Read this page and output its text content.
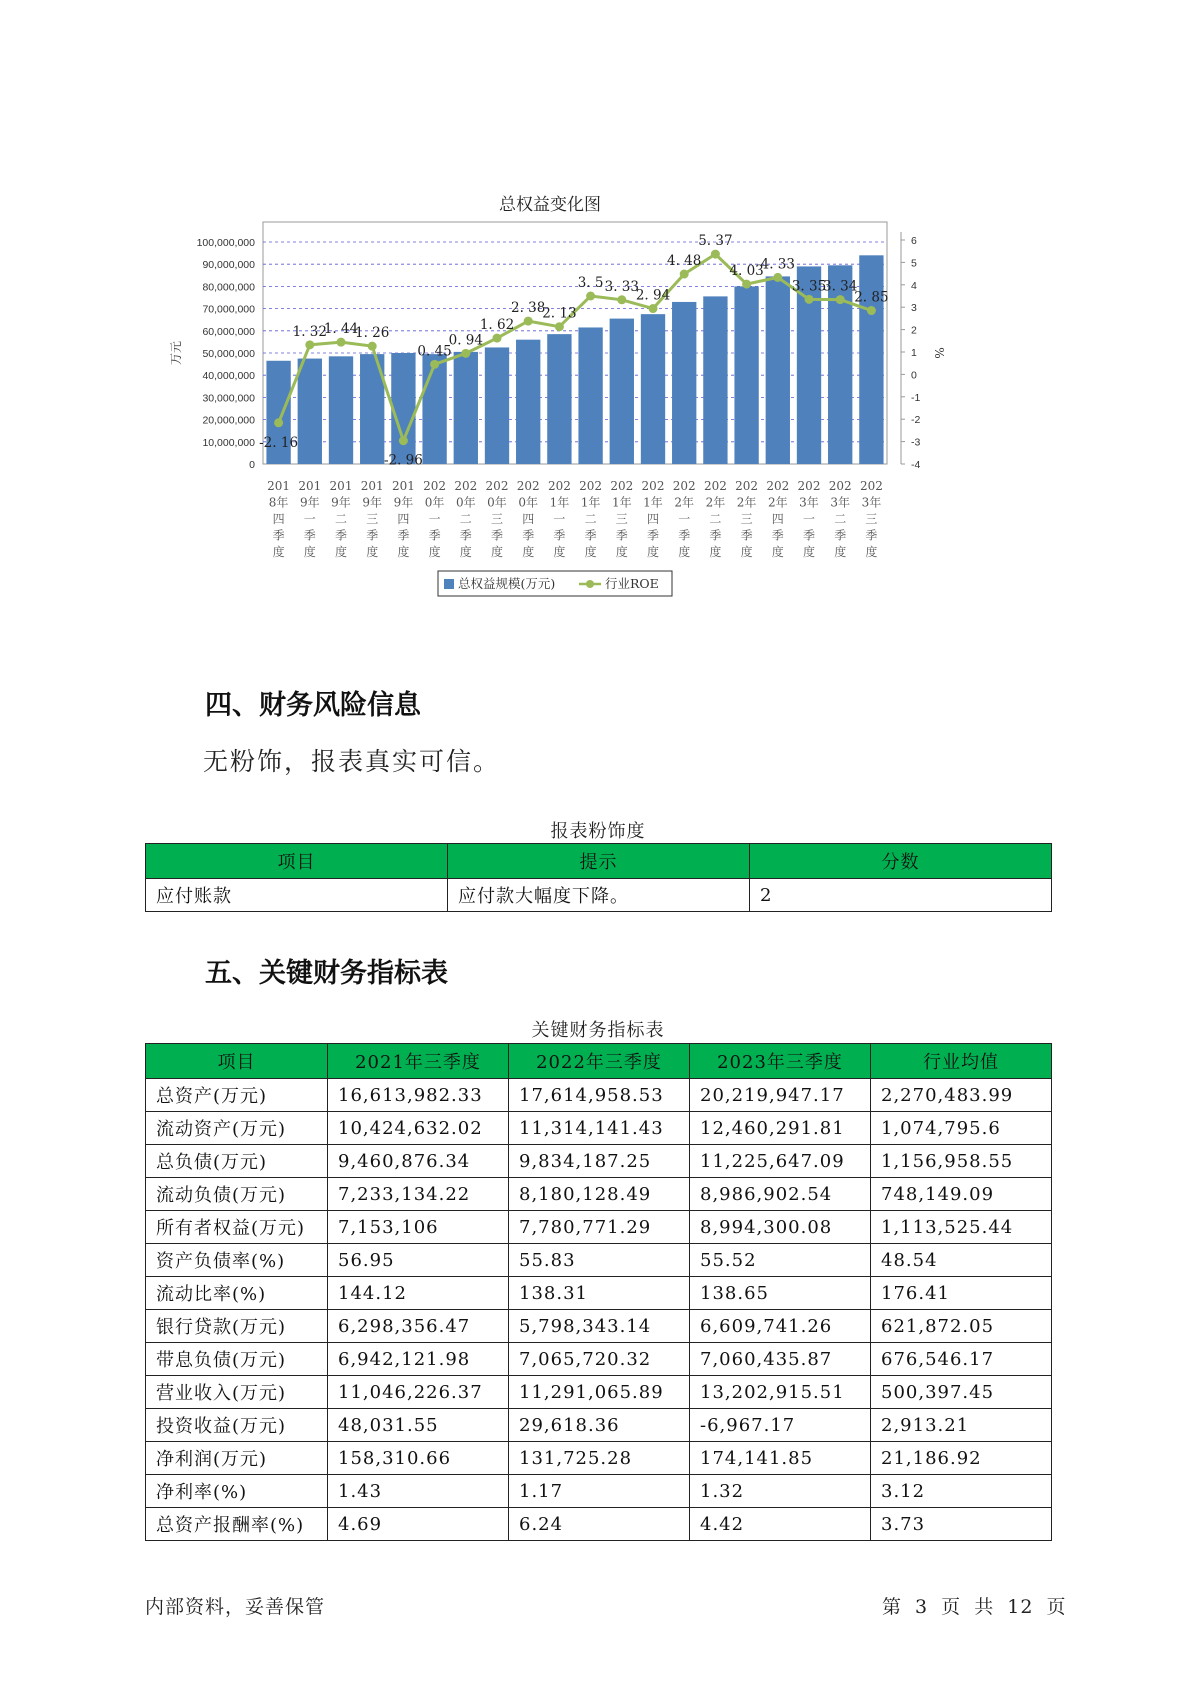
总权益变化图
0
10,000,000
20,000,000
30,000,000
40,000,000
50,000,000
60,000,000
70,000,000
80,000,000
90,000,000
100,000,000
-4
-3
-2
-1
0
1
2
3
4
5
6
万元	%
-2. 16
1. 32
1. 44
1. 26
-2. 96
0. 45
0. 94
1. 62
2. 38
2. 13
3. 5 3. 33
2. 94
4. 48
5. 37
4. 03
4. 33
3. 35
3. 34
2. 85
201
8年
四
季
度
201
9年
一
季
度
201
9年
二
季
度
201
9年
三
季
度
201
9年
四
季
度
202
0年
一
季
度
202
0年
二
季
度
202
0年
三
季
度
202
0年
四
季
度
202
1年
一
季
度
202
1年
二
季
度
202
1年
三
季
度
202
1年
四
季
度
202
2年
一
季
度
202
2年
二
季
度
202
2年
三
季
度
202
2年
四
季
度
202
3年
一
季
度
202
3年
二
季
度
202
3年
三
季
度
总权益规模(万元)	行业ROE
四、财务风险信息

无粉饰，报表真实可信。

报表粉饰度
项目	提示	分数
应付账款	应付款大幅度下降。	2
五、关键财务指标表
关键财务指标表
项目	2021年三季度	2022年三季度	2023年三季度	行业均值
总资产(万元)	16,613,982.33	17,614,958.53	20,219,947.17	2,270,483.99
流动资产(万元)	10,424,632.02	11,314,141.43	12,460,291.81	1,074,795.6
总负债(万元)	9,460,876.34	9,834,187.25	11,225,647.09	1,156,958.55
流动负债(万元)	7,233,134.22	8,180,128.49	8,986,902.54	748,149.09
所有者权益(万元)	7,153,106	7,780,771.29	8,994,300.08	1,113,525.44
资产负债率(%)	56.95	55.83	55.52	48.54
流动比率(%)	144.12	138.31	138.65	176.41
银行贷款(万元)	6,298,356.47	5,798,343.14	6,609,741.26	621,872.05
带息负债(万元)	6,942,121.98	7,065,720.32	7,060,435.87	676,546.17
营业收入(万元)	11,046,226.37	11,291,065.89	13,202,915.51	500,397.45
投资收益(万元)	48,031.55	29,618.36	-6,967.17	2,913.21
净利润(万元)	158,310.66	131,725.28	174,141.85	21,186.92
净利率(%)	1.43	1.17	1.32	3.12
总资产报酬率(%)	4.69	6.24	4.42	3.73
内部资料，妥善保管	第 3 页 共 12 页
